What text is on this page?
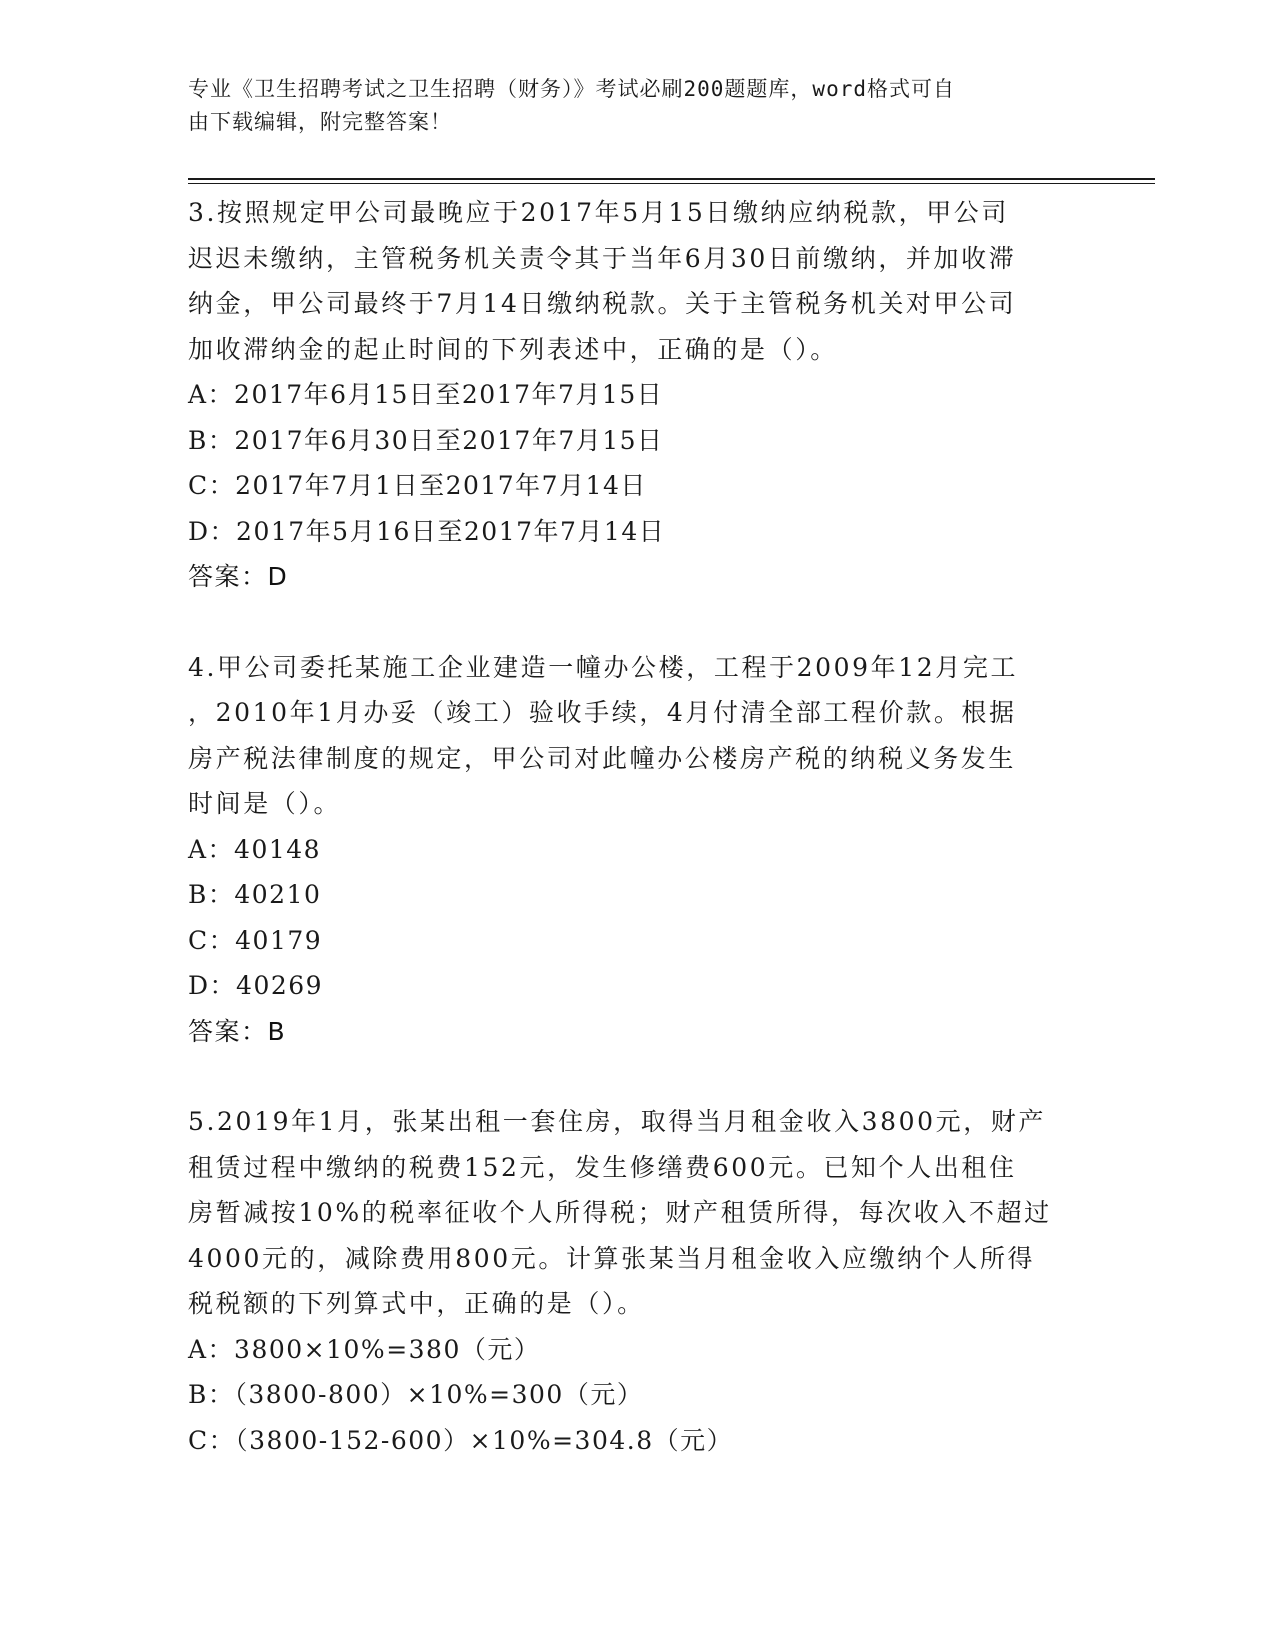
专业《卫生招聘考试之卫生招聘（财务）》考试必刷200题题库，word格式可自
由下载编辑，附完整答案！

3.按照规定甲公司最晚应于2017年5月15日缴纳应纳税款，甲公司

迟迟未缴纳，主管税务机关责令其于当年6月30日前缴纳，并加收滞

纳金，甲公司最终于7月14日缴纳税款。关于主管税务机关对甲公司

加收滞纳金的起止时间的下列表述中，正确的是（）。

A：2017年6月15日至2017年7月15日

B：2017年6月30日至2017年7月15日

C：2017年7月1日至2017年7月14日

D：2017年5月16日至2017年7月14日

答案：D

4.甲公司委托某施工企业建造一幢办公楼，工程于2009年12月完工

，2010年1月办妥（竣工）验收手续，4月付清全部工程价款。根据

房产税法律制度的规定，甲公司对此幢办公楼房产税的纳税义务发生

时间是（）。

A：40148

B：40210

C：40179

D：40269

答案：B

5.2019年1月，张某出租一套住房，取得当月租金收入3800元，财产

租赁过程中缴纳的税费152元，发生修缮费600元。已知个人出租住

房暂减按10%的税率征收个人所得税；财产租赁所得，每次收入不超过

4000元的，减除费用800元。计算张某当月租金收入应缴纳个人所得

税税额的下列算式中，正确的是（）。

A：3800×10%=380（元）

B：（3800-800）×10%=300（元）

C：（3800-152-600）×10%=304.8（元）
